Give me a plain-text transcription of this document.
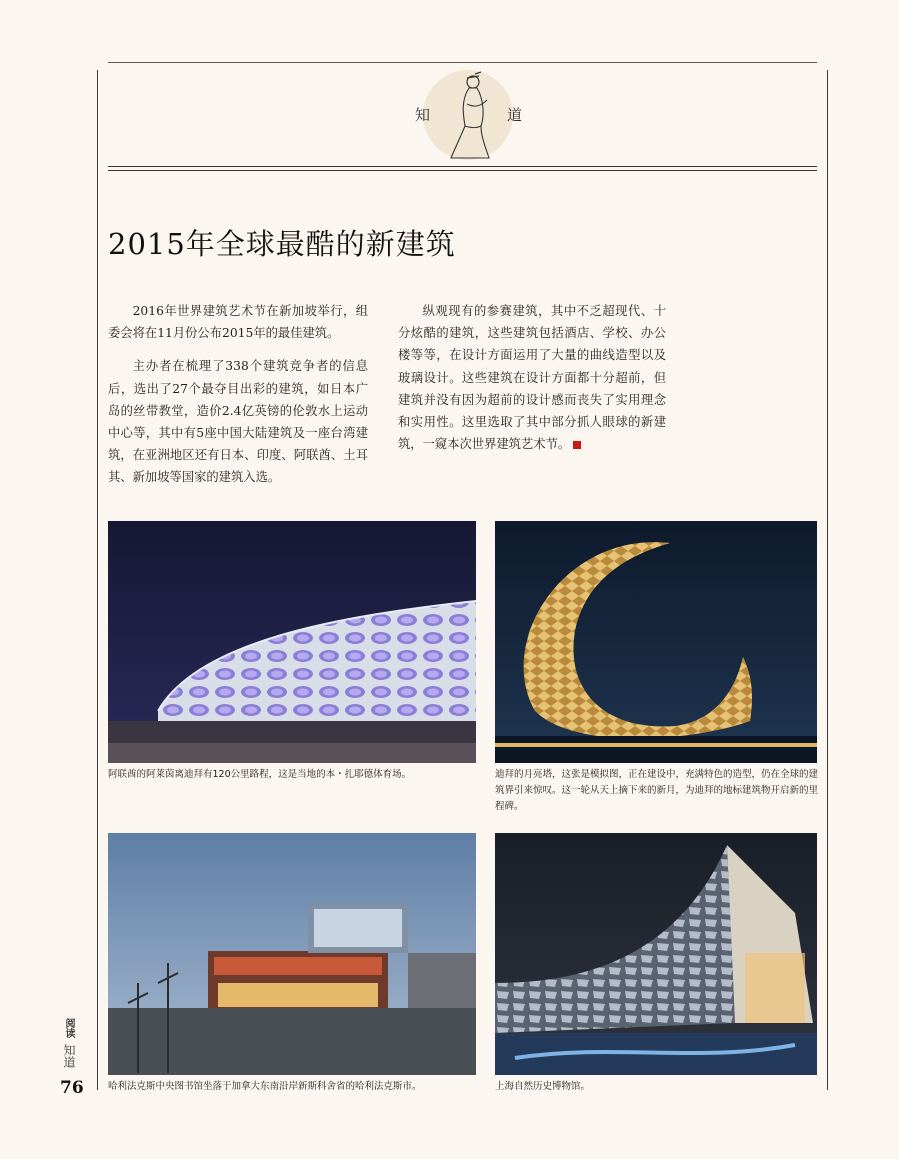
知	道
2015年全球最酷的新建筑

2016年世界建筑艺术节在新加坡举行，组委会将在11月份公布2015年的最佳建筑。

主办者在梳理了338个建筑竞争者的信息后，选出了27个最夺目出彩的建筑，如日本广岛的丝带教堂，造价2.4亿英镑的伦敦水上运动中心等，其中有5座中国大陆建筑及一座台湾建筑，在亚洲地区还有日本、印度、阿联酋、土耳其、新加坡等国家的建筑入选。

纵观现有的参赛建筑，其中不乏超现代、十分炫酷的建筑，这些建筑包括酒店、学校、办公楼等等，在设计方面运用了大量的曲线造型以及玻璃设计。这些建筑在设计方面都十分超前，但建筑并没有因为超前的设计感而丧失了实用理念和实用性。这里选取了其中部分抓人眼球的新建筑，一窥本次世界建筑艺术节。

阿联酋的阿莱茵离迪拜有120公里路程，这是当地的本・扎耶德体育场。	迪拜的月亮塔，这张是模拟图，正在建设中，充满特色的造型，仍在全球的建筑界引来惊叹。这一轮从天上摘下来的新月，为迪拜的地标建筑物开启新的里程碑。
哈利法克斯中央图书馆坐落于加拿大东南沿岸新斯科舍省的哈利法克斯市。	上海自然历史博物馆。
阅读
知道
76
